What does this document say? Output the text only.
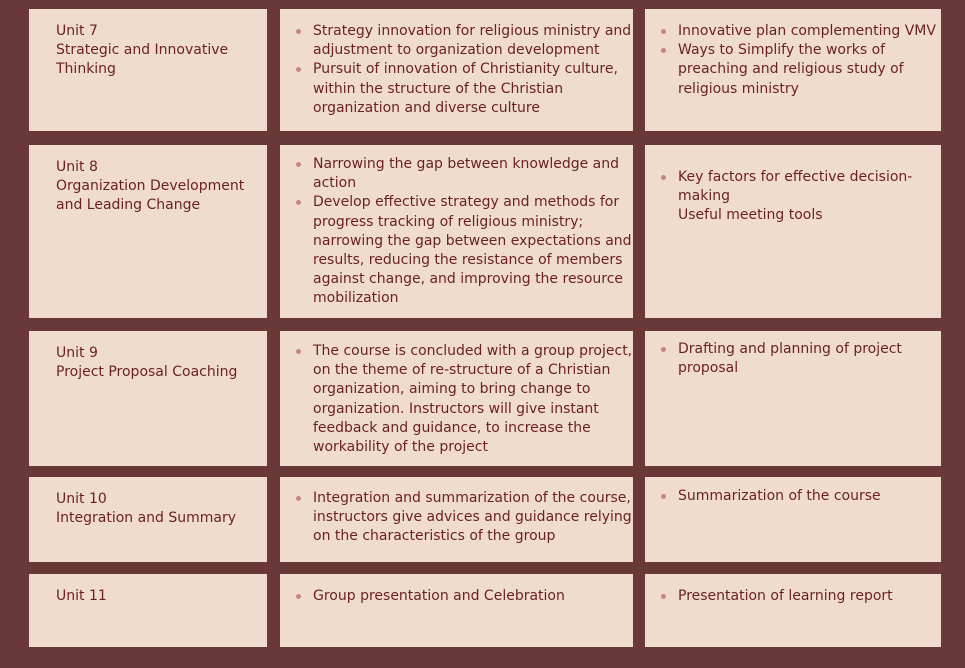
Unit 7
Strategic and Innovative
Thinking
Strategy innovation for religious ministry and
adjustment to organization development
Pursuit of innovation of Christianity culture,
within the structure of the Christian
organization and diverse culture
Innovative plan complementing VMV
Ways to Simplify the works of
preaching and religious study of
religious ministry
Unit 8
Organization Development
and Leading Change
Narrowing the gap between knowledge and
action
Develop effective strategy and methods for
progress tracking of religious ministry;
narrowing the gap between expectations and
results, reducing the resistance of members
against change, and improving the resource
mobilization
Key factors for effective decision-
making
Useful meeting tools
Unit 9
Project Proposal Coaching
The course is concluded with a group project,
on the theme of re-structure of a Christian
organization, aiming to bring change to
organization. Instructors will give instant
feedback and guidance, to increase the
workability of the project
Drafting and planning of project
proposal
Unit 10
Integration and Summary
Integration and summarization of the course,
instructors give advices and guidance relying
on the characteristics of the group
Summarization of the course
Unit 11	Group presentation and Celebration	Presentation of learning report
